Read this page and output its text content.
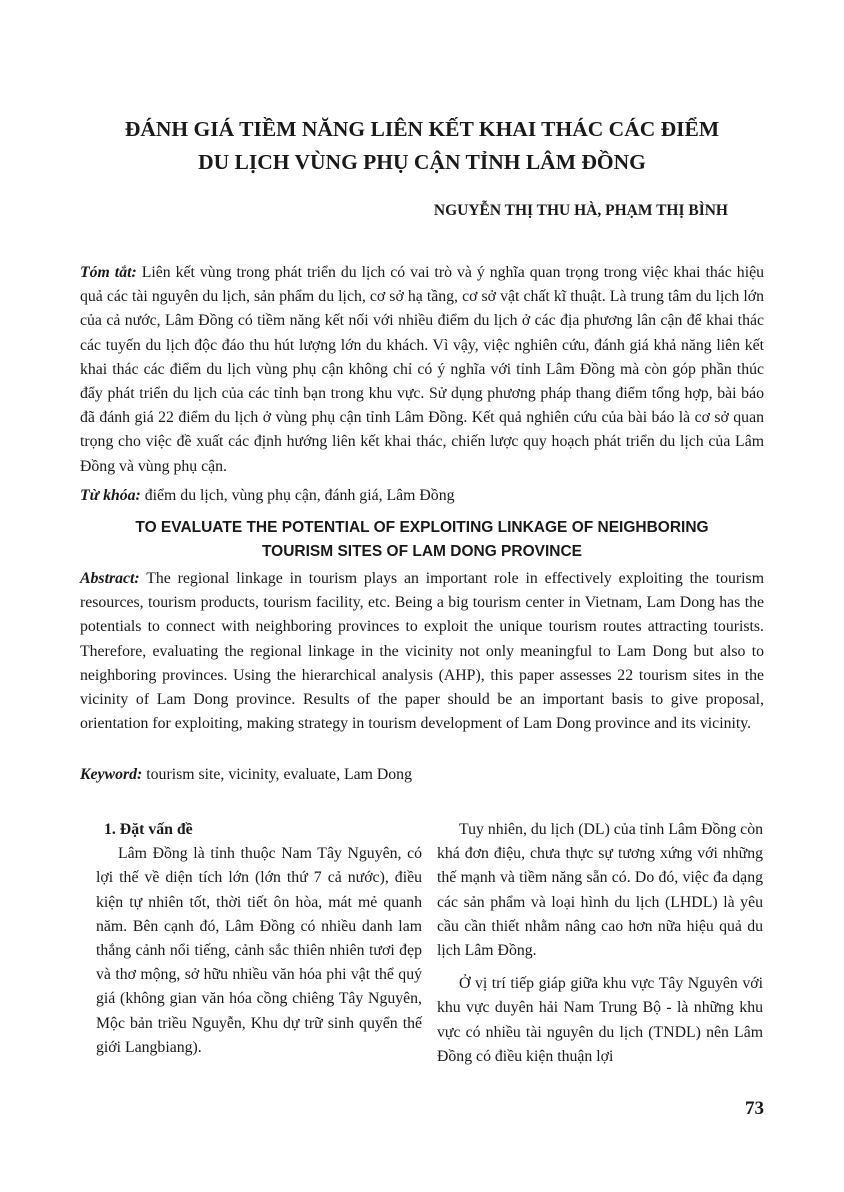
ĐÁNH GIÁ TIỀM NĂNG LIÊN KẾT KHAI THÁC CÁC ĐIỂM
DU LỊCH VÙNG PHỤ CẬN TỈNH LÂM ĐỒNG
NGUYỄN THỊ THU HÀ, PHẠM THỊ BÌNH

Tóm tắt: Liên kết vùng trong phát triển du lịch có vai trò và ý nghĩa quan trọng trong việc khai thác hiệu quả các tài nguyên du lịch, sản phẩm du lịch, cơ sở hạ tầng, cơ sở vật chất kĩ thuật. Là trung tâm du lịch lớn của cả nước, Lâm Đồng có tiềm năng kết nối với nhiều điểm du lịch ở các địa phương lân cận để khai thác các tuyến du lịch độc đáo thu hút lượng lớn du khách. Vì vậy, việc nghiên cứu, đánh giá khả năng liên kết khai thác các điểm du lịch vùng phụ cận không chỉ có ý nghĩa với tỉnh Lâm Đồng mà còn góp phần thúc đẩy phát triển du lịch của các tỉnh bạn trong khu vực. Sử dụng phương pháp thang điểm tổng hợp, bài báo đã đánh giá 22 điểm du lịch ở vùng phụ cận tỉnh Lâm Đồng. Kết quả nghiên cứu của bài báo là cơ sở quan trọng cho việc đề xuất các định hướng liên kết khai thác, chiến lược quy hoạch phát triển du lịch của Lâm Đồng và vùng phụ cận.

Từ khóa: điểm du lịch, vùng phụ cận, đánh giá, Lâm Đồng

TO EVALUATE THE POTENTIAL OF EXPLOITING LINKAGE OF NEIGHBORING
TOURISM SITES OF LAM DONG PROVINCE

Abstract: The regional linkage in tourism plays an important role in effectively exploiting the tourism resources, tourism products, tourism facility, etc. Being a big tourism center in Vietnam, Lam Dong has the potentials to connect with neighboring provinces to exploit the unique tourism routes attracting tourists. Therefore, evaluating the regional linkage in the vicinity not only meaningful to Lam Dong but also to neighboring provinces. Using the hierarchical analysis (AHP), this paper assesses 22 tourism sites in the vicinity of Lam Dong province. Results of the paper should be an important basis to give proposal, orientation for exploiting, making strategy in tourism development of Lam Dong province and its vicinity.

Keyword: tourism site, vicinity, evaluate, Lam Dong

1. Đặt vấn đề

Lâm Đồng là tỉnh thuộc Nam Tây Nguyên, có lợi thế về diện tích lớn (lớn thứ 7 cả nước), điều kiện tự nhiên tốt, thời tiết ôn hòa, mát mẻ quanh năm. Bên cạnh đó, Lâm Đồng có nhiều danh lam thắng cảnh nổi tiếng, cảnh sắc thiên nhiên tươi đẹp và thơ mộng, sở hữu nhiều văn hóa phi vật thể quý giá (không gian văn hóa cồng chiêng Tây Nguyên, Mộc bản triều Nguyễn, Khu dự trữ sinh quyển thế giới Langbiang).

Tuy nhiên, du lịch (DL) của tỉnh Lâm Đồng còn khá đơn điệu, chưa thực sự tương xứng với những thế mạnh và tiềm năng sẵn có. Do đó, việc đa dạng các sản phẩm và loại hình du lịch (LHDL) là yêu cầu cần thiết nhằm nâng cao hơn nữa hiệu quả du lịch Lâm Đồng.

Ở vị trí tiếp giáp giữa khu vực Tây Nguyên với khu vực duyên hải Nam Trung Bộ - là những khu vực có nhiều tài nguyên du lịch (TNDL) nên Lâm Đồng có điều kiện thuận lợi

73
